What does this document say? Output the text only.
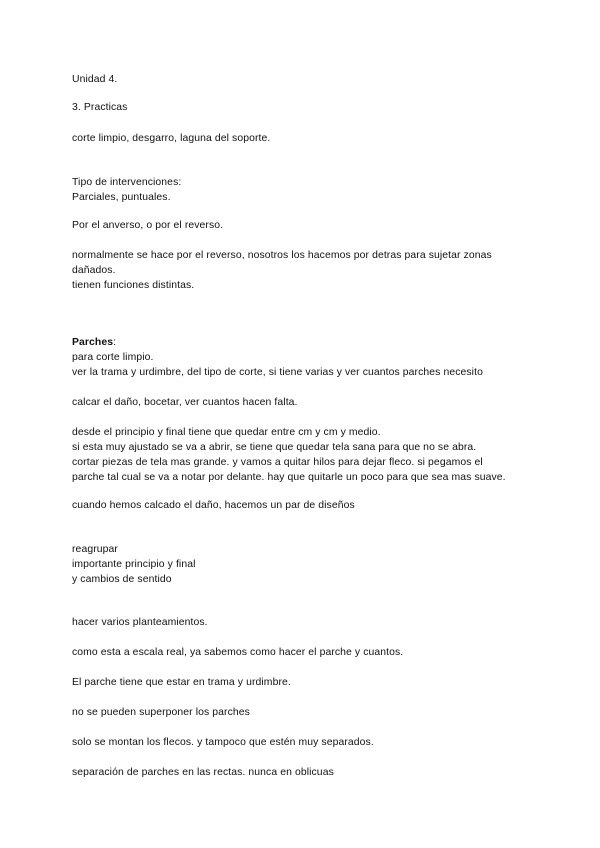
Unidad 4.
3. Practicas
corte limpio, desgarro, laguna del soporte.
Tipo de intervenciones:
Parciales, puntuales.
Por el anverso, o por el reverso.
normalmente se hace por el reverso, nosotros los hacemos por detras para sujetar zonas
dañados.
tienen funciones distintas.
Parches:
para corte limpio.
ver la trama y urdimbre, del tipo de corte, si tiene varias y ver cuantos parches necesito
calcar el daño, bocetar, ver cuantos hacen falta.
desde el principio y final tiene que quedar entre cm y cm y medio.
si esta muy ajustado se va a abrir, se tiene que quedar tela sana para que no se abra.
cortar piezas de tela mas grande. y vamos a quitar hilos para dejar fleco. si pegamos el
parche tal cual se va a notar por delante. hay que quitarle un poco para que sea mas suave.
cuando hemos calcado el daño, hacemos un par de diseños
reagrupar
importante principio y final
y cambios de sentido
hacer varios planteamientos.
como esta a escala real, ya sabemos como hacer el parche y cuantos.
El parche tiene que estar en trama y urdimbre.
no se pueden superponer los parches
solo se montan los flecos. y tampoco que estén muy separados.
separación de parches en las rectas. nunca en oblicuas
